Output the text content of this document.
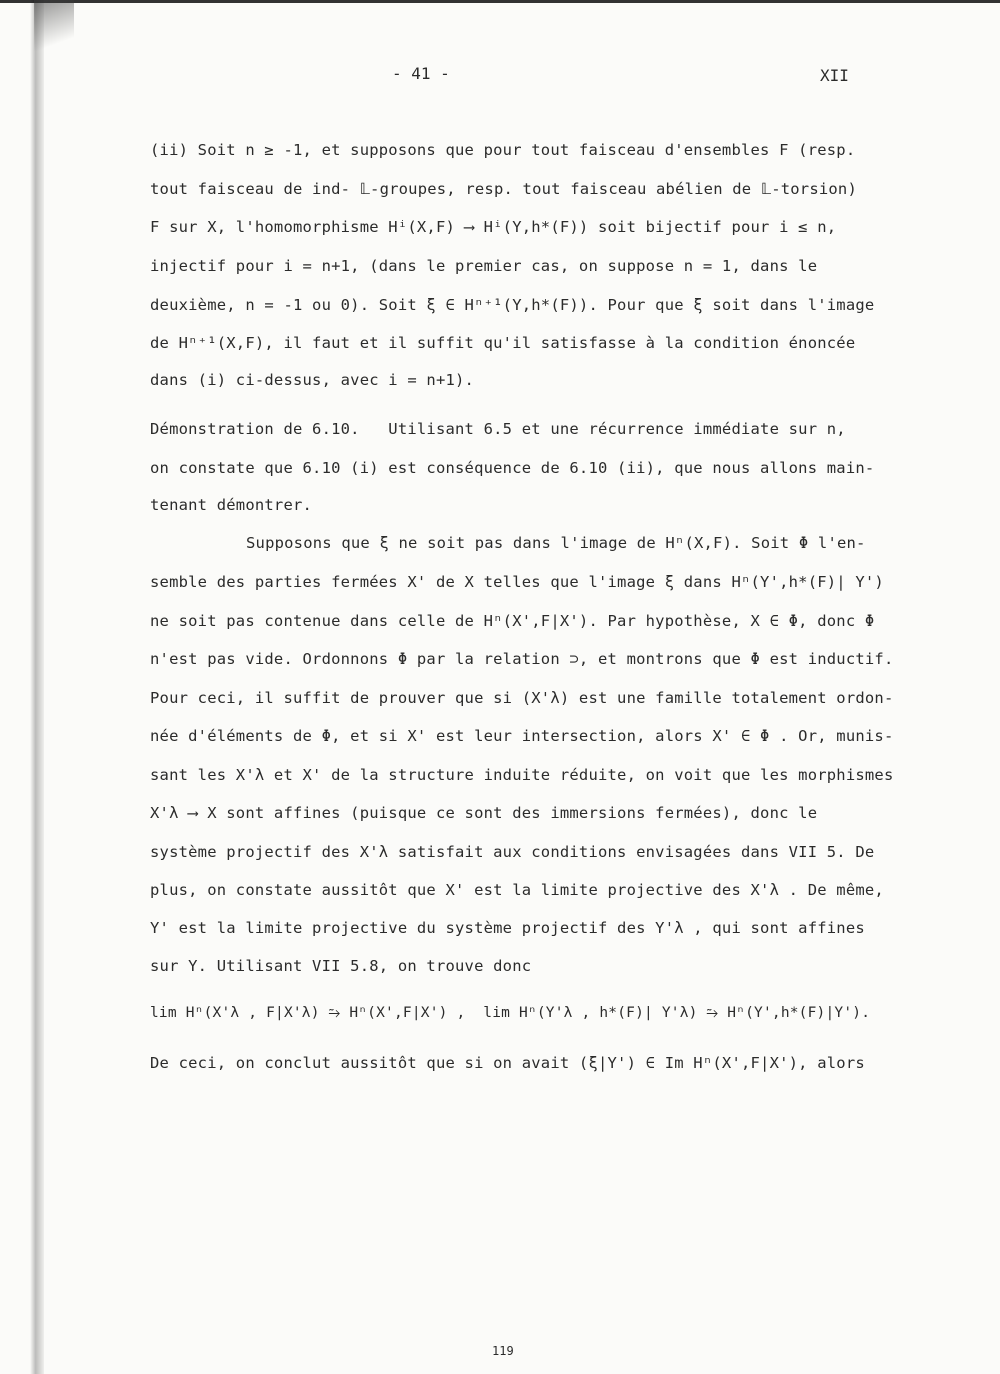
- 41 -	XII
(ii) Soit n ≥ -1, et supposons que pour tout faisceau d'ensembles F (resp.
tout faisceau de ind- 𝕃-groupes, resp. tout faisceau abélien de 𝕃-torsion)
F sur X, l'homomorphisme Hⁱ(X,F) ⟶ Hⁱ(Y,h*(F)) soit bijectif pour i ≤ n,
injectif pour i = n+1, (dans le premier cas, on suppose n = 1, dans le
deuxième, n = -1 ou 0). Soit ξ ∈ Hⁿ⁺¹(Y,h*(F)). Pour que ξ soit dans l'image
de Hⁿ⁺¹(X,F), il faut et il suffit qu'il satisfasse à la condition énoncée
dans (i) ci-dessus, avec i = n+1).
Démonstration de 6.10.   Utilisant 6.5 et une récurrence immédiate sur n,
on constate que 6.10 (i) est conséquence de 6.10 (ii), que nous allons main-
tenant démontrer.
Supposons que ξ ne soit pas dans l'image de Hⁿ(X,F). Soit Φ l'en-
semble des parties fermées X' de X telles que l'image ξ dans Hⁿ(Y',h*(F)| Y')
ne soit pas contenue dans celle de Hⁿ(X',F|X'). Par hypothèse, X ∈ Φ, donc Φ
n'est pas vide. Ordonnons Φ par la relation ⊃, et montrons que Φ est inductif.
Pour ceci, il suffit de prouver que si (X'λ) est une famille totalement ordon-
née d'éléments de Φ, et si X' est leur intersection, alors X' ∈ Φ . Or, munis-
sant les X'λ et X' de la structure induite réduite, on voit que les morphismes
X'λ ⟶ X sont affines (puisque ce sont des immersions fermées), donc le
système projectif des X'λ satisfait aux conditions envisagées dans VII 5. De
plus, on constate aussitôt que X' est la limite projective des X'λ . De même,
Y' est la limite projective du système projectif des Y'λ , qui sont affines
sur Y. Utilisant VII 5.8, on trouve donc
lim Hⁿ(X'λ , F|X'λ) ⥲ Hⁿ(X',F|X') ,  lim Hⁿ(Y'λ , h*(F)| Y'λ) ⥲ Hⁿ(Y',h*(F)|Y').
De ceci, on conclut aussitôt que si on avait (ξ|Y') ∈ Im Hⁿ(X',F|X'), alors
119
